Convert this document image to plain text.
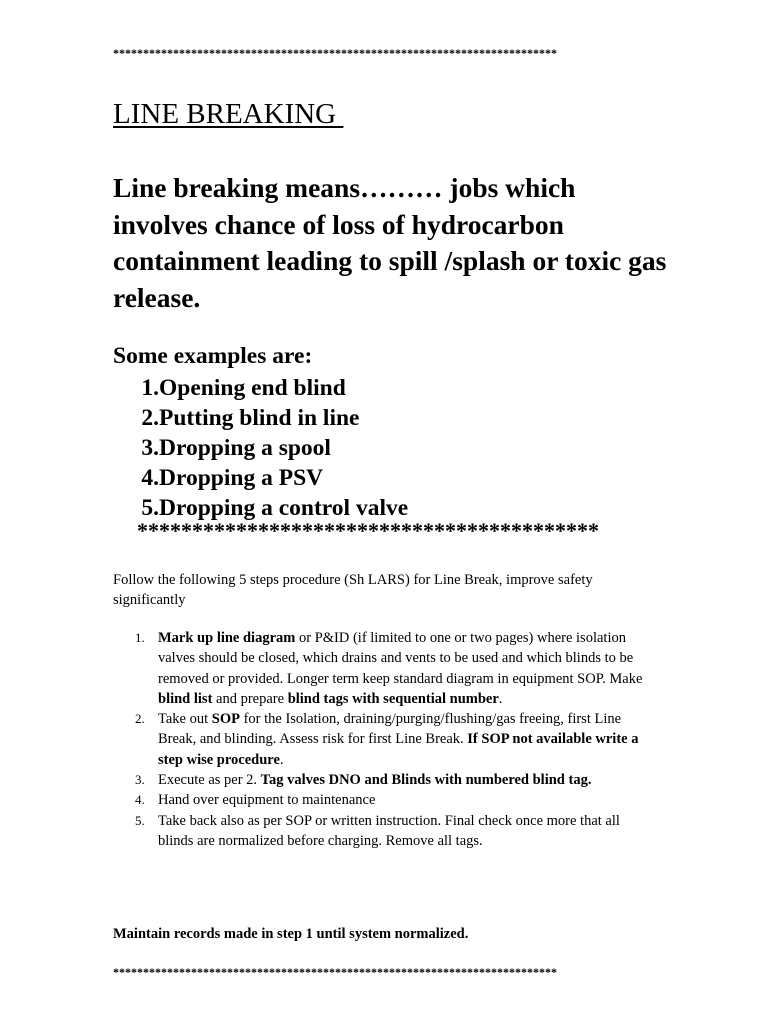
**************************************************************************
LINE BREAKING
Line breaking means……… jobs which involves chance of loss of hydrocarbon containment leading to spill /splash or toxic gas release.
Some examples are:
1.Opening end blind
2.Putting blind in line
3.Dropping a spool
4.Dropping a PSV
5.Dropping a control valve
******************************************
Follow the following 5 steps procedure (Sh LARS) for Line Break, improve safety significantly
1. Mark up line diagram or P&ID (if limited to one or two pages) where isolation valves should be closed, which drains and vents to be used and which blinds to be removed or provided. Longer term keep standard diagram in equipment SOP. Make blind list and prepare blind tags with sequential number.
2. Take out SOP for the Isolation, draining/purging/flushing/gas freeing, first Line Break, and blinding. Assess risk for first Line Break. If SOP not available write a step wise procedure.
3. Execute as per 2. Tag valves DNO and Blinds with numbered blind tag.
4. Hand over equipment to maintenance
5. Take back also as per SOP or written instruction. Final check once more that all blinds are normalized before charging. Remove all tags.
Maintain records made in step 1 until system normalized.
**************************************************************************
